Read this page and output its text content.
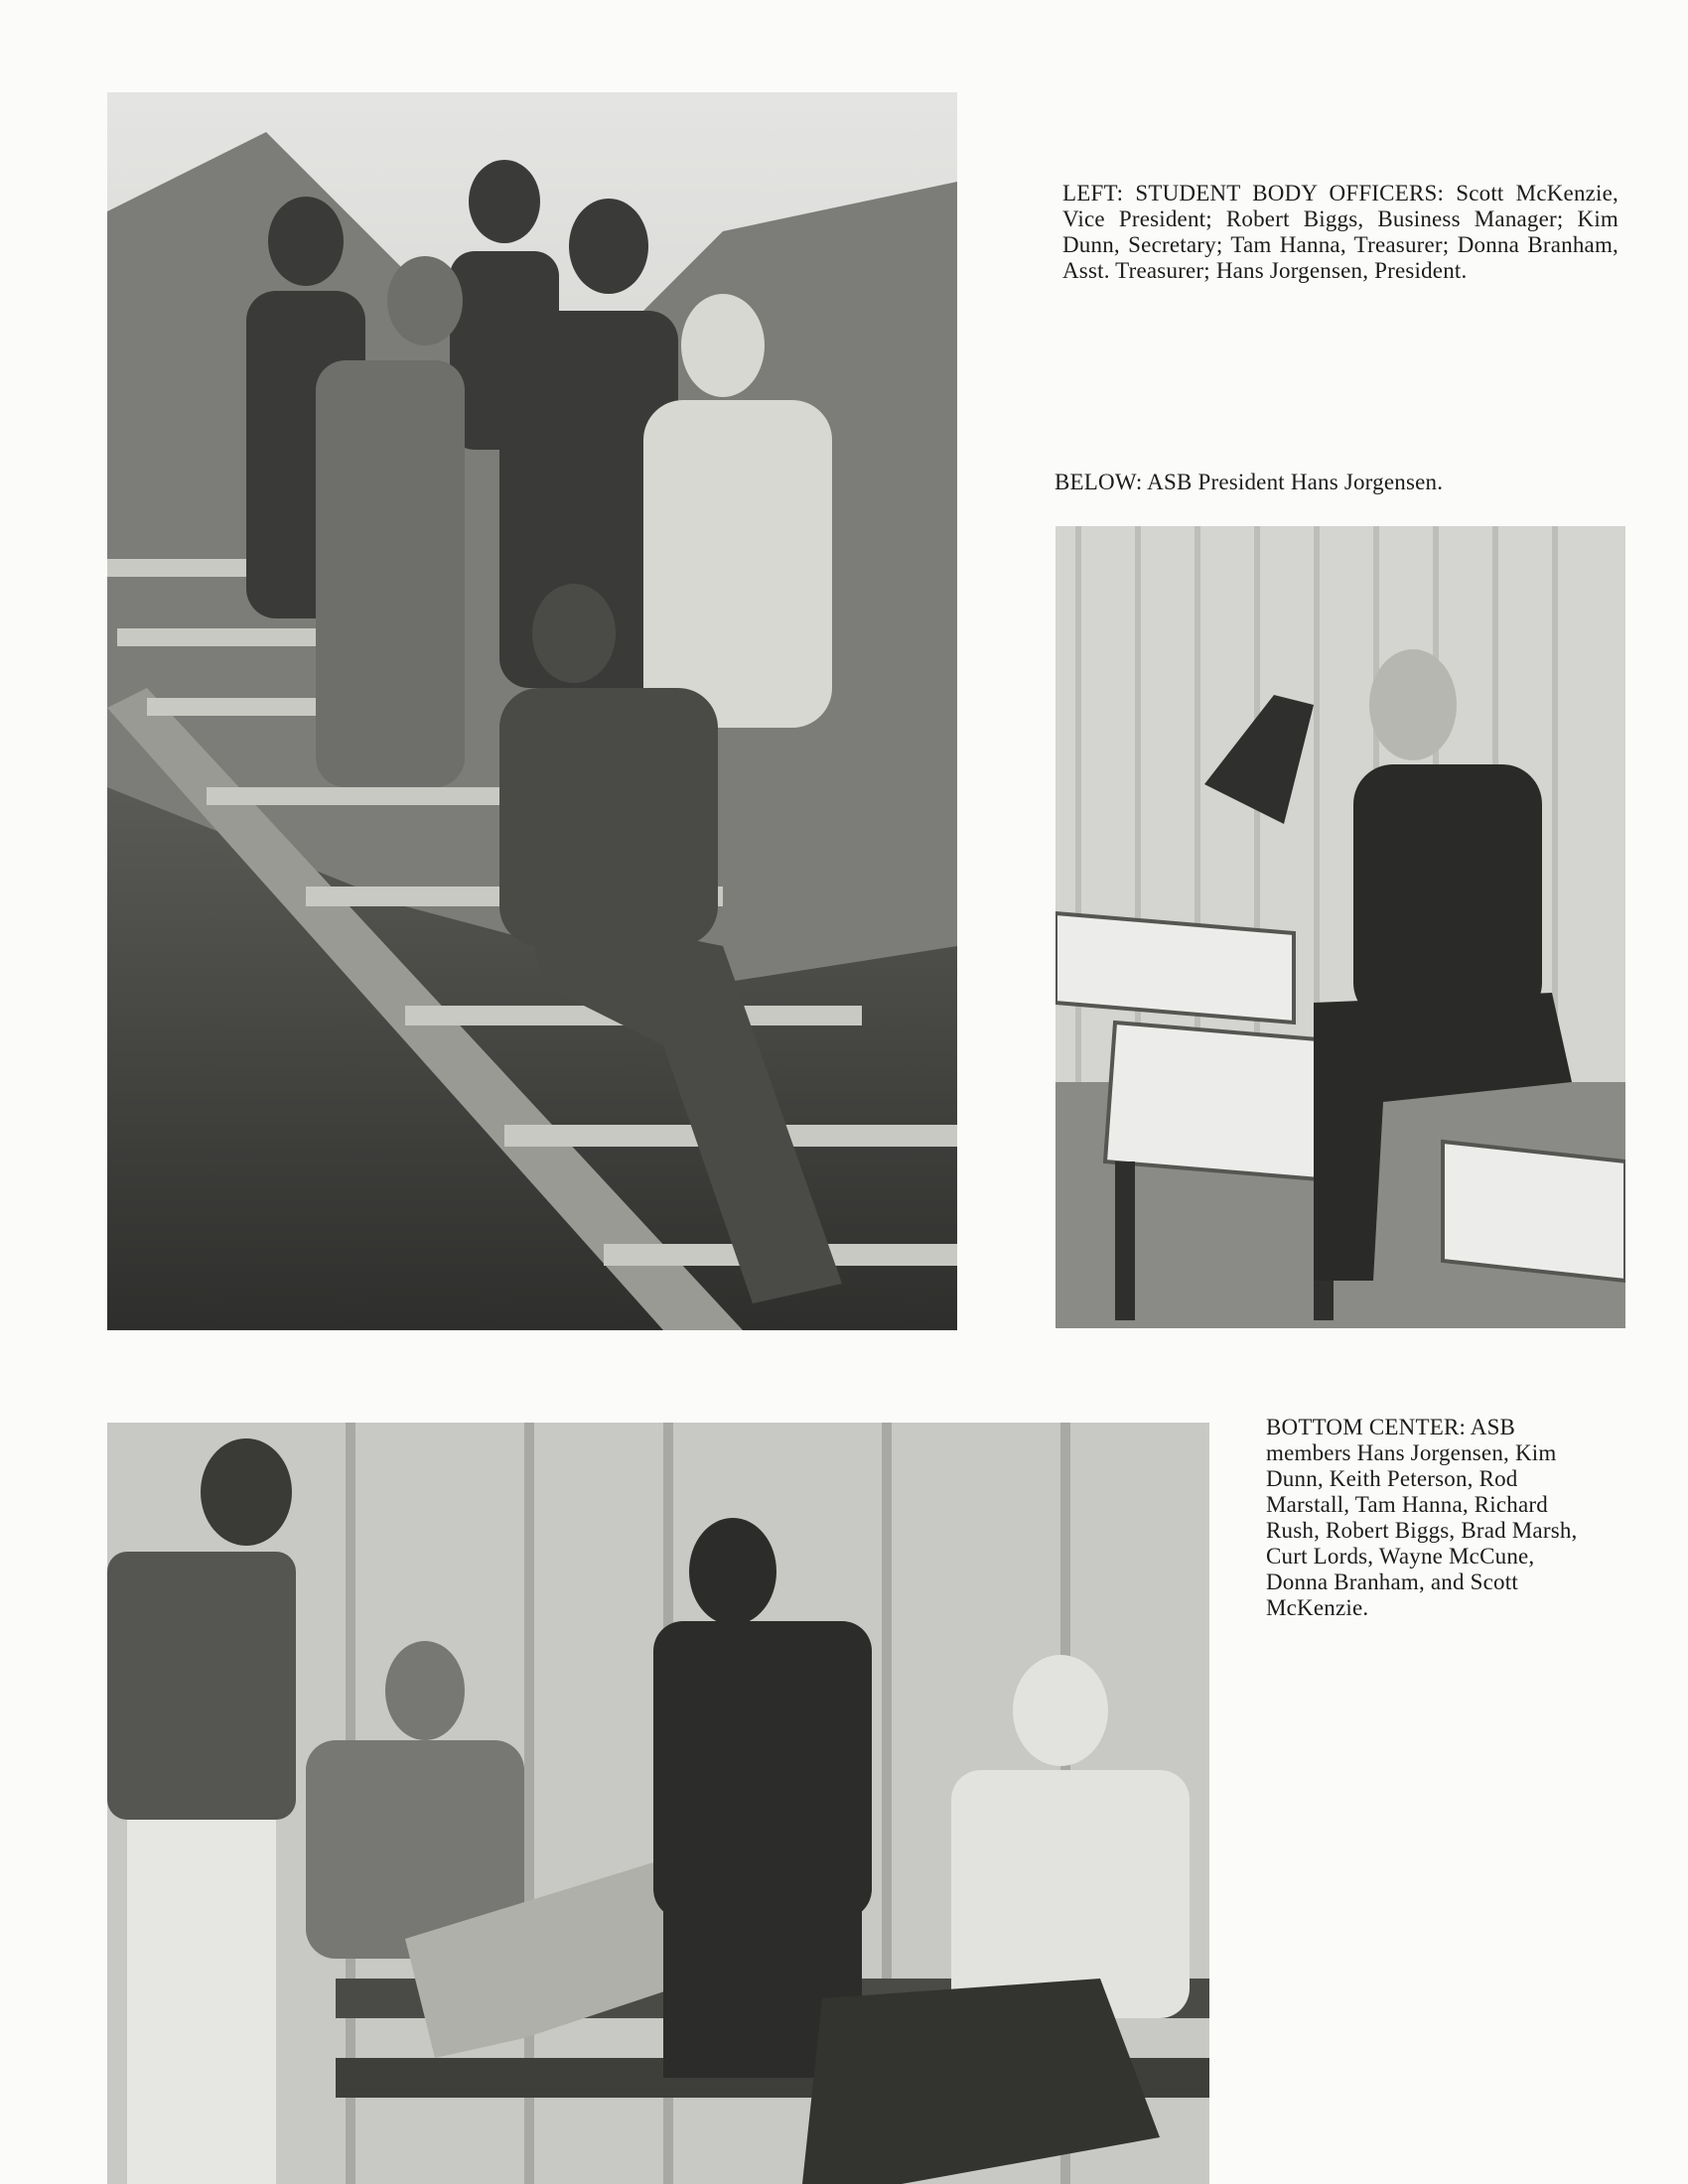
LEFT: STUDENT BODY OFFICERS: Scott McKenzie, Vice President; Robert Biggs, Business Manager; Kim Dunn, Secretary; Tam Hanna, Treasurer; Donna Branham, Asst. Treasurer; Hans Jorgensen, President.

BELOW: ASB President Hans Jorgensen.

BOTTOM CENTER: ASB members Hans Jorgensen, Kim Dunn, Keith Peterson, Rod Marstall, Tam Hanna, Richard Rush, Robert Biggs, Brad Marsh, Curt Lords, Wayne McCune, Donna Branham, and Scott McKenzie.
